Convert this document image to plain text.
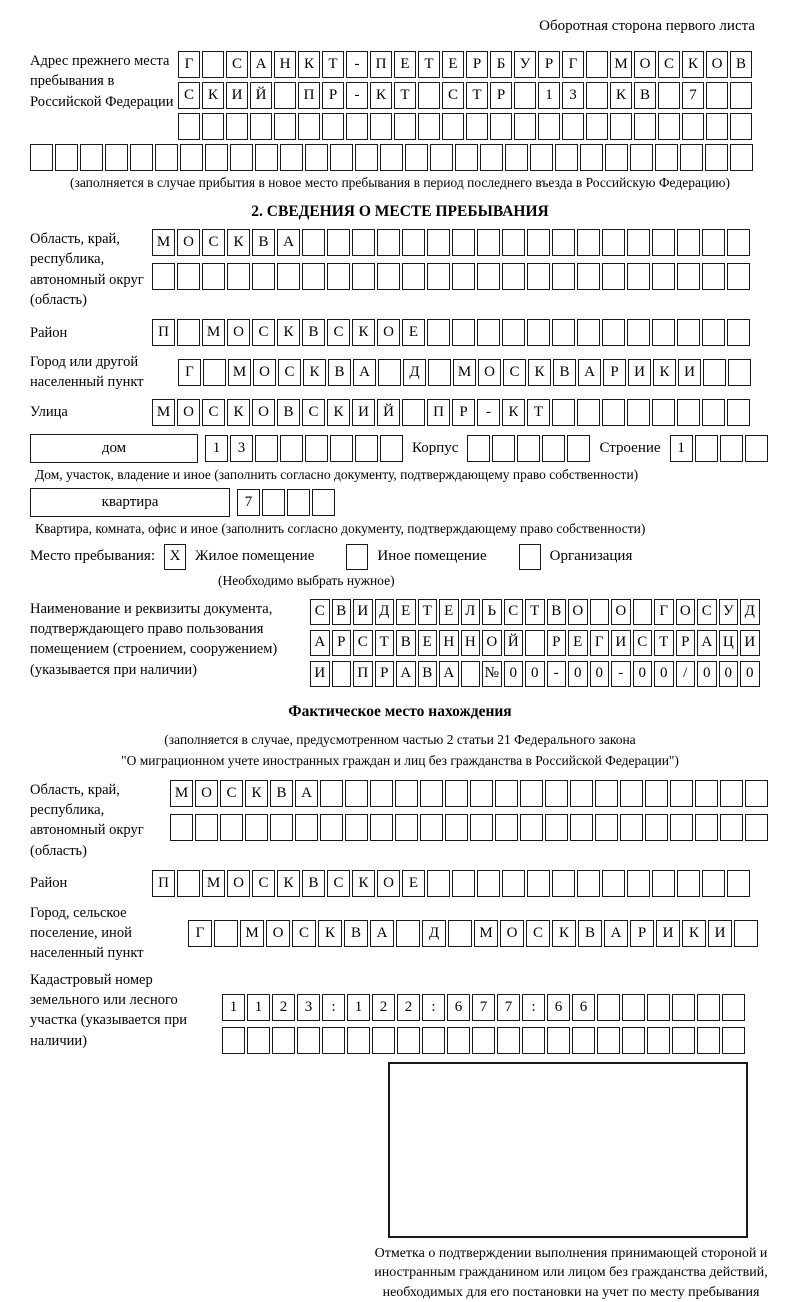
Оборотная сторона первого листа
Адрес прежнего места пребывания в Российской Федерации
Г	С А Н К Т	-	П Е Т Е	Р	Б У Р	Г	М О С К О В
С К И Й	П Р	-	К Т	С Т	Р	1	3	К В	7
(заполняется в случае прибытия в новое место пребывания в период последнего въезда в Российскую Федерацию)
2. СВЕДЕНИЯ О МЕСТЕ ПРЕБЫВАНИЯ
Область, край, республика, автономный округ (область)
М О С К В А
Район	П	М О С К В С К О Е
Город или другой населенный пункт
Г	М О С К В А	Д	М О С К В А	Р	И К И
Улица	М О С К О В С К И Й	П	Р	-	К	Т
дом	1	3	Корпус	Строение	1
Дом, участок, владение и иное (заполнить согласно документу, подтверждающему право собственности)
квартира	7
Квартира, комната, офис и иное (заполнить согласно документу, подтверждающему право собственности)
Место пребывания: X Жилое помещение	Иное помещение	Организация
(Необходимо выбрать нужное)
Наименование и реквизиты документа, подтверждающего право пользования помещением (строением, сооружением) (указывается при наличии)
С В И Д Е Т Е Л Ь С Т В О О	Г О С У Д
А Р С Т В Е Н Н О Й	Р Е Г И С Т Р А Ц И
И П Р А В А № 0 0	-	0 0	-	0 0	/	0 0 0
Фактическое место нахождения
(заполняется в случае, предусмотренном частью 2 статьи 21 Федерального закона
"О миграционном учете иностранных граждан и лиц без гражданства в Российской Федерации")
Область, край, республика, автономный округ (область)
М О С К В А
Район	П	М О С К В С К О Е
Город, сельское поселение, иной населенный пункт
Г	М О	С	К	В	А	Д	М О	С	К	В	А	Р	И	К	И
Кадастровый номер земельного или лесного участка (указывается при наличии)
1	1	2	3	:	1	2	2	:	6	7	7	:	6	6
Отметка о подтверждении выполнения принимающей стороной и иностранным гражданином или лицом без гражданства действий, необходимых для его постановки на учет по месту пребывания
